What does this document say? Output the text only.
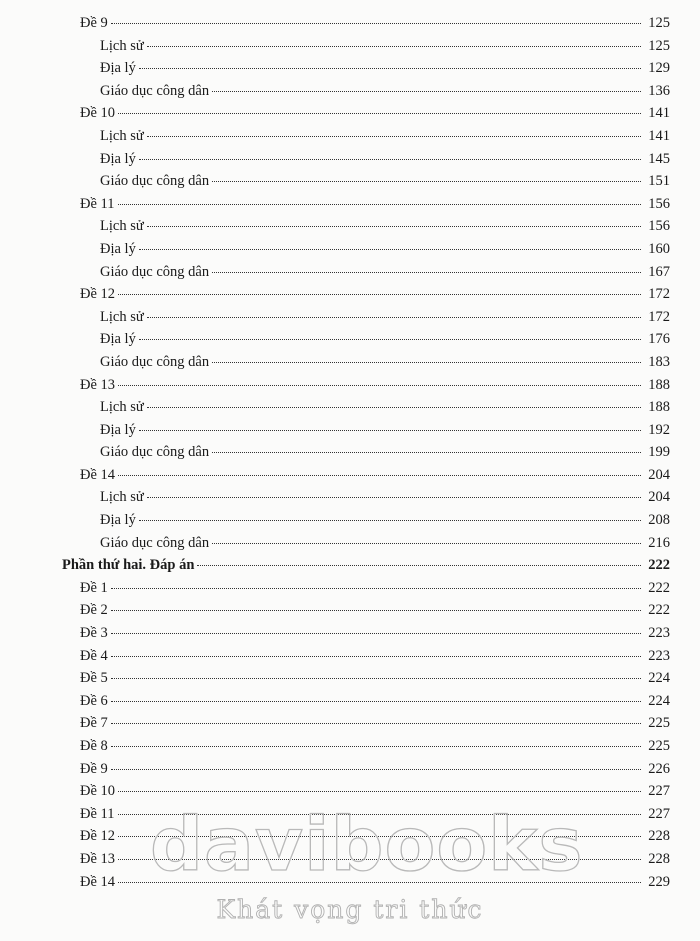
Đề 9	125
Lịch sử	125
Địa lý	129
Giáo dục công dân	136
Đề 10	141
Lịch sử	141
Địa lý	145
Giáo dục công dân	151
Đề 11	156
Lịch sử	156
Địa lý	160
Giáo dục công dân	167
Đề 12	172
Lịch sử	172
Địa lý	176
Giáo dục công dân	183
Đề 13	188
Lịch sử	188
Địa lý	192
Giáo dục công dân	199
Đề 14	204
Lịch sử	204
Địa lý	208
Giáo dục công dân	216
Phần thứ hai. Đáp án	222
Đề 1	222
Đề 2	222
Đề 3	223
Đề 4	223
Đề 5	224
Đề 6	224
Đề 7	225
Đề 8	225
Đề 9	226
Đề 10	227
Đề 11	227
Đề 12	228
Đề 13	228
Đề 14	229
davibooks
Khát vọng tri thức
